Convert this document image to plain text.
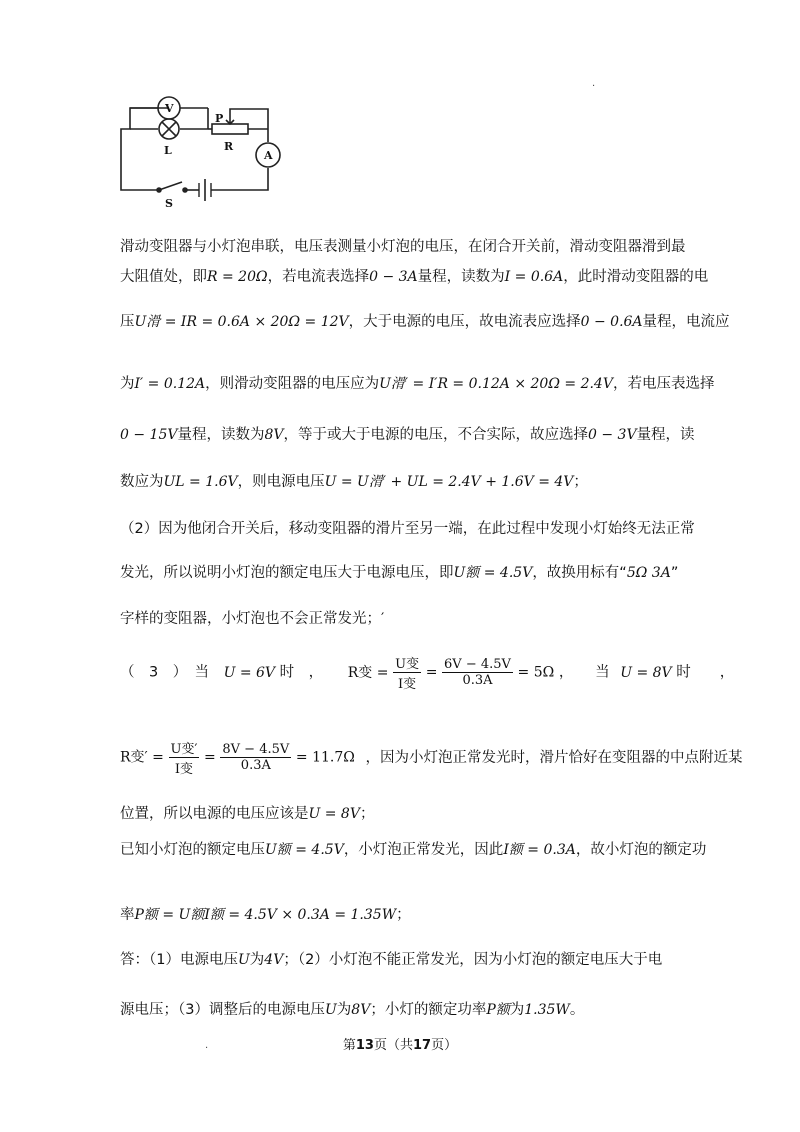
V
L
P
R
A
S
.
滑动变阻器与小灯泡串联，电压表测量小灯泡的电压，在闭合开关前，滑动变阻器滑到最
大阻值处，即R = 20Ω，若电流表选择0 − 3A量程，读数为I = 0.6A，此时滑动变阻器的电
压U滑 = IR = 0.6A × 20Ω = 12V，大于电源的电压，故电流表应选择0 − 0.6A量程，电流应
为I′ = 0.12A，则滑动变阻器的电压应为U滑′ = I′R = 0.12A × 20Ω = 2.4V，若电压表选择
0 − 15V量程，读数为8V，等于或大于电源的电压，不合实际，故应选择0 − 3V量程，读
数应为UL = 1.6V，则电源电压U = U滑′ + UL = 2.4V + 1.6V = 4V；
（2）因为他闭合开关后，移动变阻器的滑片至另一端，在此过程中发现小灯始终无法正常
发光，所以说明小灯泡的额定电压大于电源电压，即U额 = 4.5V，故换用标有“5Ω 3A”
字样的变阻器，小灯泡也不会正常发光；′
（　3　）　当 U = 6V 时　， R变 = $\frac{\text{U变}}{\text{I变}} = \frac{6V - 4.5V}{0.3A} = 5\Omega$ ，　　当 U = 8V 时　　，
R变′ = $\frac{\text{U变′}}{\text{I变}} = \frac{8V - 4.5V}{0.3A} = 11.7\Omega$ ，因为小灯泡正常发光时，滑片恰好在变阻器的中点附近某
位置，所以电源的电压应该是U = 8V；
已知小灯泡的额定电压U额 = 4.5V，小灯泡正常发光，因此I额 = 0.3A，故小灯泡的额定功
率P额 = U额I额 = 4.5V × 0.3A = 1.35W；
答：（1）电源电压U为4V；（2）小灯泡不能正常发光，因为小灯泡的额定电压大于电
源电压；（3）调整后的电源电压U为8V；小灯的额定功率P额为1.35W。
.	第13页（共17页）
